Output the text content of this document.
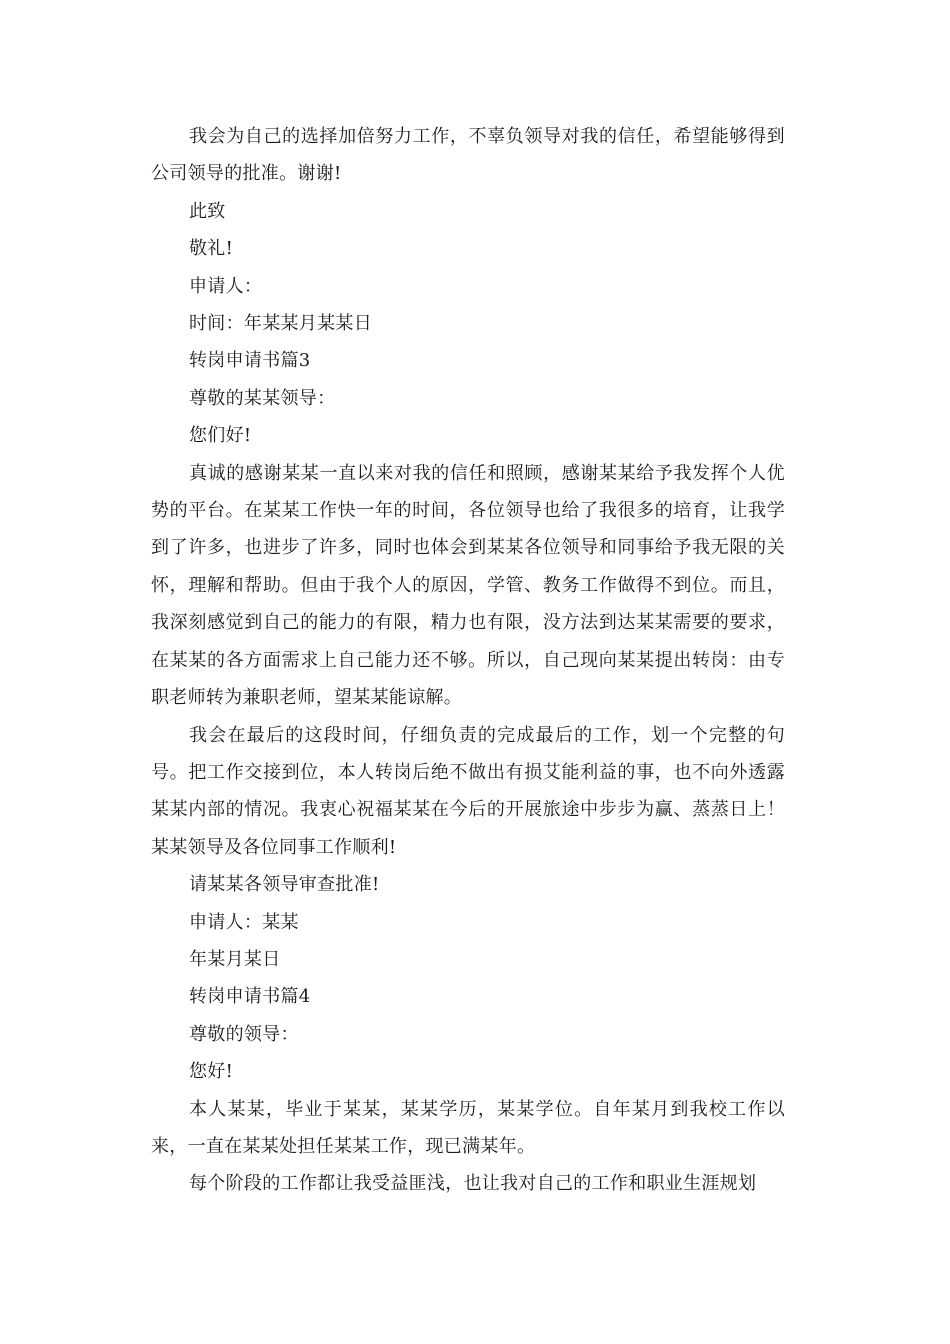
我会为自己的选择加倍努力工作，不辜负领导对我的信任，希望能够得到公司领导的批准。谢谢!

此致

敬礼!

申请人：

时间：年某某月某某日

转岗申请书篇3

尊敬的某某领导：

您们好!

真诚的感谢某某一直以来对我的信任和照顾，感谢某某给予我发挥个人优势的平台。在某某工作快一年的时间，各位领导也给了我很多的培育，让我学到了许多，也进步了许多，同时也体会到某某各位领导和同事给予我无限的关怀，理解和帮助。但由于我个人的原因，学管、教务工作做得不到位。而且，我深刻感觉到自己的能力的有限，精力也有限，没方法到达某某需要的要求，在某某的各方面需求上自己能力还不够。所以，自己现向某某提出转岗：由专职老师转为兼职老师，望某某能谅解。

我会在最后的这段时间，仔细负责的完成最后的工作，划一个完整的句号。把工作交接到位，本人转岗后绝不做出有损艾能利益的事，也不向外透露某某内部的情况。我衷心祝福某某在今后的开展旅途中步步为赢、蒸蒸日上！某某领导及各位同事工作顺利!

请某某各领导审查批准!

申请人：某某

年某月某日

转岗申请书篇4

尊敬的领导：

您好!

本人某某，毕业于某某，某某学历，某某学位。自年某月到我校工作以来，一直在某某处担任某某工作，现已满某年。

每个阶段的工作都让我受益匪浅，也让我对自己的工作和职业生涯规划
